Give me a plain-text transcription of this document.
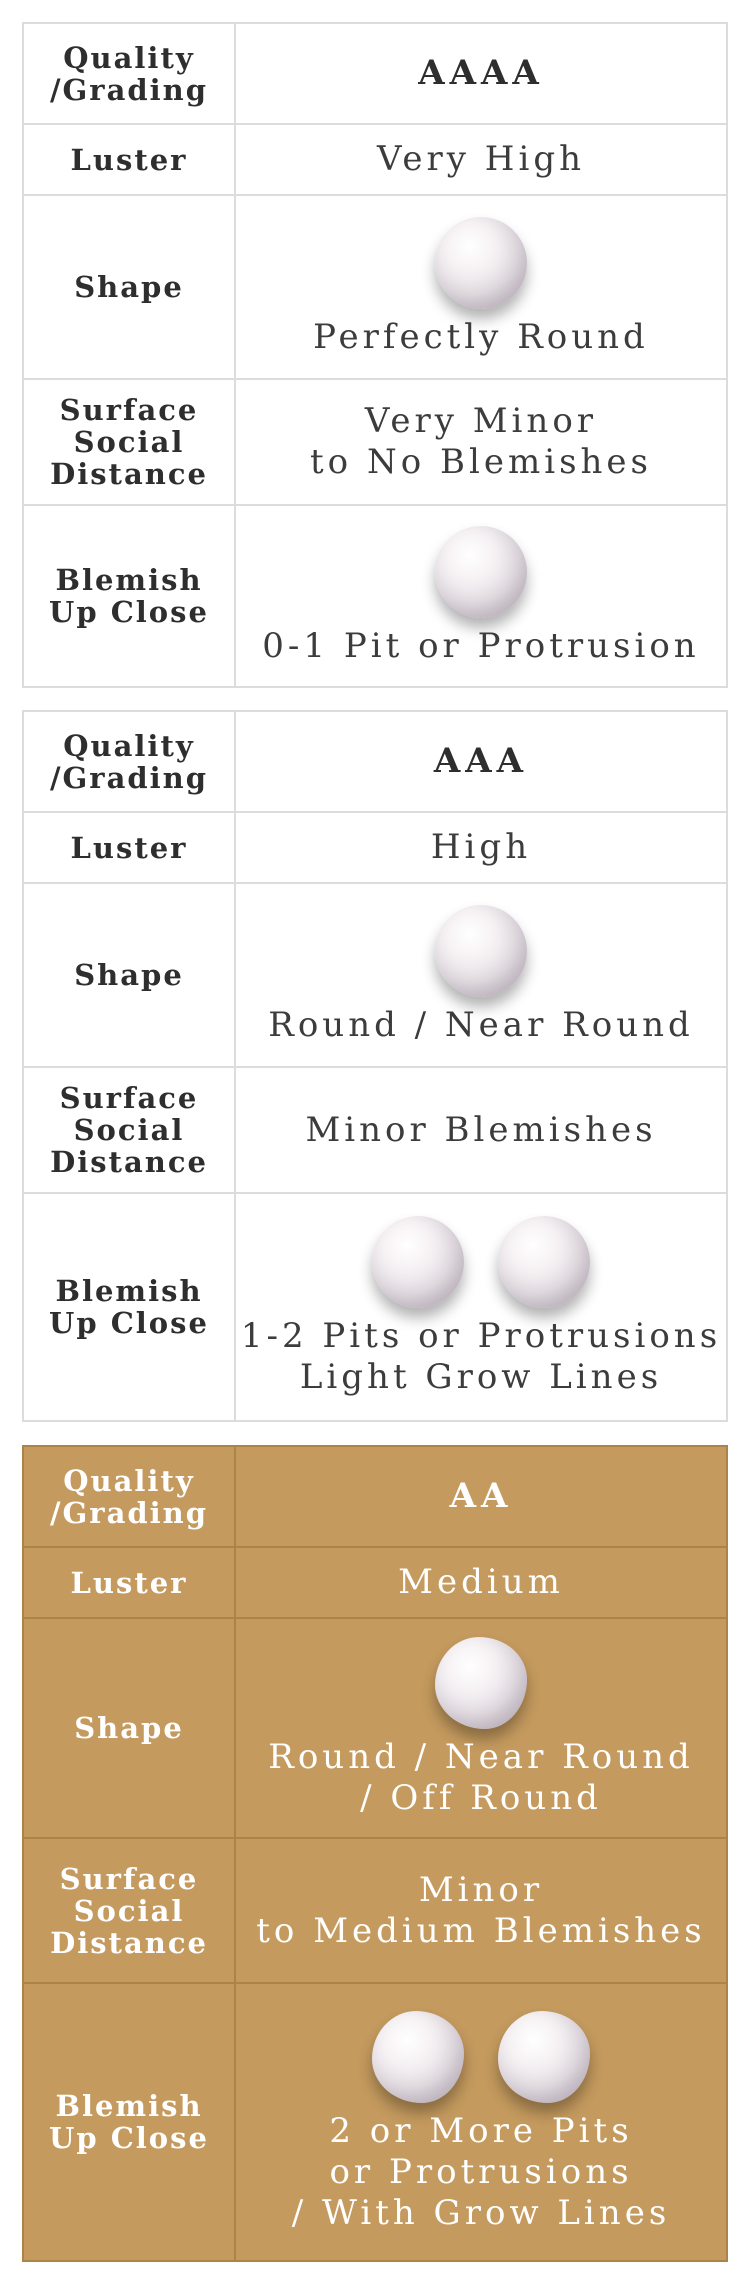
Quality
/Grading	AAAA
Luster	Very High
Shape	Perfectly Round

Surface
Social
Distance	Very Minor
to No Blemishes

Blemish
Up Close	0-1 Pit or Protrusion
Quality
/Grading	AAA
Luster	High
Shape	Round / Near Round

Surface
Social
Distance	Minor Blemishes

Blemish
Up Close	1-2 Pits or Protrusions
Light Grow Lines
Quality
/Grading	AA
Luster	Medium
Shape	Round / Near Round
/ Off Round

Surface
Social
Distance	Minor
to Medium Blemishes

Blemish
Up Close	2 or More Pits
or Protrusions
/ With Grow Lines
